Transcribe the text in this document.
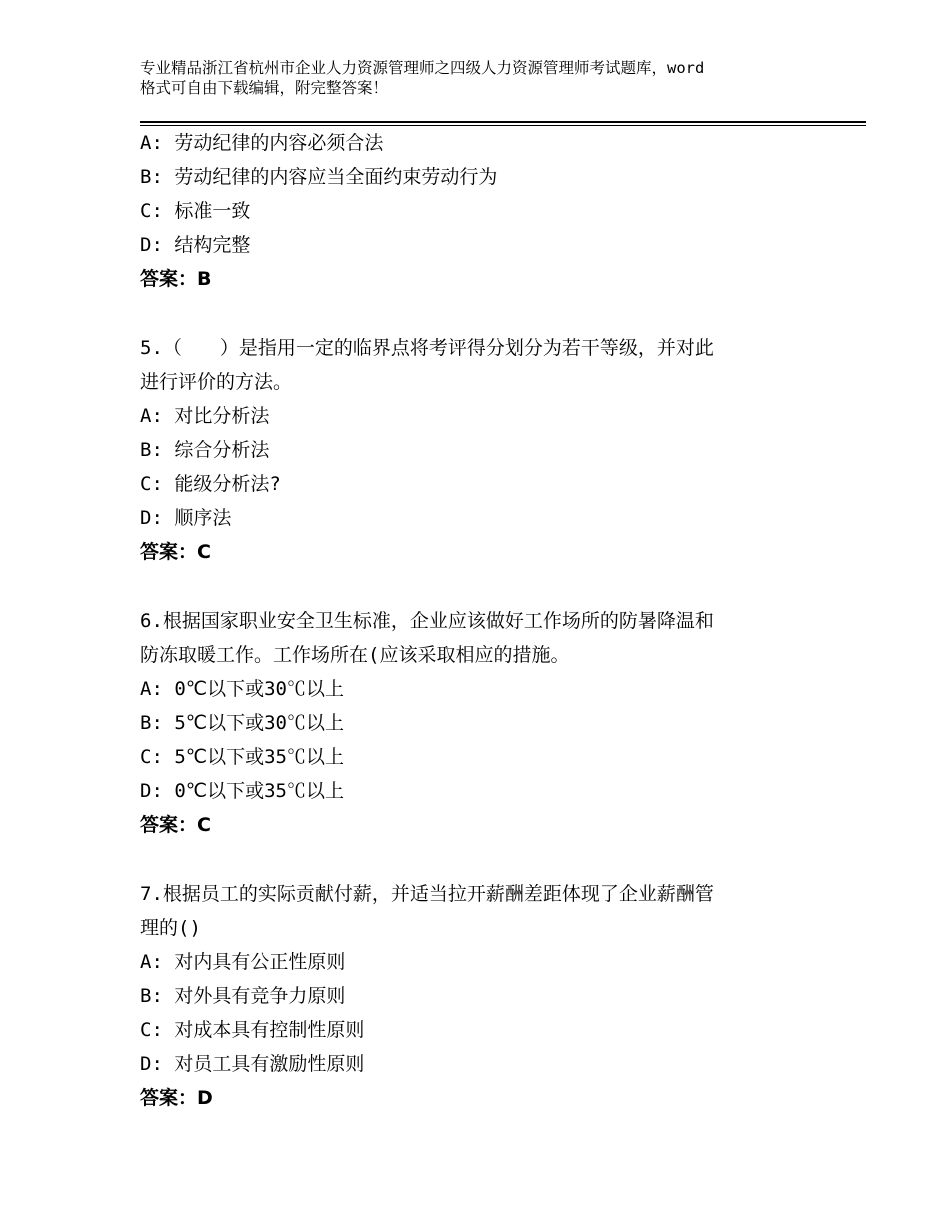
专业精品浙江省杭州市企业人力资源管理师之四级人力资源管理师考试题库，word
格式可自由下载编辑，附完整答案！
A: 劳动纪律的内容必须合法
B: 劳动纪律的内容应当全面约束劳动行为
C: 标准一致
D: 结构完整
答案：B
5.（　　）是指用一定的临界点将考评得分划分为若干等级，并对此
进行评价的方法。
A: 对比分析法
B: 综合分析法
C: 能级分析法?
D: 顺序法
答案：C
6.根据国家职业安全卫生标准，企业应该做好工作场所的防暑降温和
防冻取暖工作。工作场所在(应该采取相应的措施。
A: 0℃以下或30℃以上
B: 5℃以下或30℃以上
C: 5℃以下或35℃以上
D: 0℃以下或35℃以上
答案：C
7.根据员工的实际贡献付薪，并适当拉开薪酬差距体现了企业薪酬管
理的()
A: 对内具有公正性原则
B: 对外具有竞争力原则
C: 对成本具有控制性原则
D: 对员工具有激励性原则
答案：D
